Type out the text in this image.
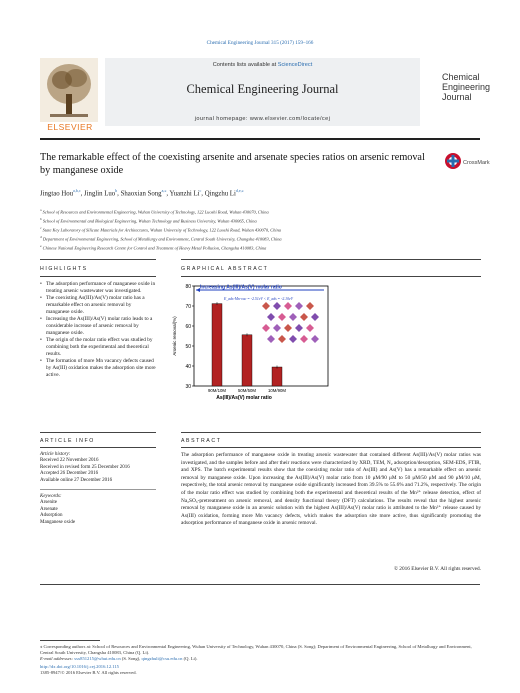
Chemical Engineering Journal 315 (2017) 159–166
ELSEVIER
Contents lists available at ScienceDirect
Chemical Engineering Journal
journal homepage: www.elsevier.com/locate/cej
Chemical Engineering Journal
The remarkable effect of the coexisting arsenite and arsenate species ratios on arsenic removal by manganese oxide
CrossMark
Jingtao Hou$^{a,b,c}$, Jinglin Luo$^b$, Shaoxian Song$^{a,⁎}$, Yuanzhi Li$^c$, Qingzhu $Li^{d,e,⁎}$
$^a$ School of Resources and Environmental Engineering, Wuhan University of Technology, 122 Luoshi Road, Wuhan 430070, China
$^b$ School of Environmental and Biological Engineering, Wuhan Technology and Business University, Wuhan 430065, China
$^c$ State Key Laboratory of Silicate Materials for Architectures, Wuhan University of Technology, 122 Luoshi Road, Wuhan 430070, China
$^d$ Department of Environmental Engineering, School of Metallurgy and Environment, Central South University, Changsha 410083, China
$^e$ Chinese National Engineering Research Centre for Control and Treatment of Heavy Metal Pollution, Changsha 410083, China
HIGHLIGHTS	GRAPHICAL ABSTRACT
• The adsorption performance of manganese oxide in treating arsenic wastewater was investigated.
• The coexisting As(III)/As(V) molar ratio has a remarkable effect on arsenic removal by manganese oxide.
• Increasing the As(III)/As(V) molar ratio leads to a considerable increase of arsenic removal by manganese oxide.
• The origin of the molar ratio effect was studied by combining both the experimental and theoretical results.
• The formation of more Mn vacancy defects caused by As(III) oxidation makes the adsorption site more active.
30
40
50
60
70
80
Arsenic removal(%)
90M/10M	50M/50M	10M/90M
As(III)/As(V) molar ratio
Increasing As(III)/As(V) molar ratio
E_ads-Mn-vac = -2.51eV < E_ads = -2.10eV
ARTICLE INFO	ABSTRACT
Article history:
Received 22 November 2016
Received in revised form 25 December 2016
Accepted 26 December 2016
Available online 27 December 2016
Keywords:
Arsenite
Arsenate
Adsorption
Manganese oxide
The adsorption performance of manganese oxide in treating arsenic wastewater that contained different As(III)/As(V) molar ratios was investigated, and the samples before and after their reactions were characterized by XRD, TEM, N₂ adsorption/desorption, SEM-EDS, FTIR, and XPS. The batch experimental results show that the coexisting molar ratio of As(III) and As(V) has a remarkable effect on arsenic removal by manganese oxide. Upon increasing the As(III)/As(V) molar ratio from 10 μM/90 μM to 50 μM/50 μM and 90 μM/10 μM, respectively, the total arsenic removal by manganese oxide significantly increased from 39.5% to 55.6% and 71.2%, respectively. The origin of the molar ratio effect was studied by combining both the experimental and theoretical results of the Mn²⁺ release detection, effect of Na₂SO₃-pretreatment on arsenic removal, and density functional theory (DFT) calculations. The results reveal that the highest arsenic removal by manganese oxide in an arsenic solution with the highest As(III)/As(V) molar ratio is attributed to the Mn²⁺ release caused by As(III) oxidation, forming more Mn vacancy defects, which makes the adsorption site more active, thus significantly promoting the adsorption performance of manganese oxide in arsenic removal.
© 2016 Elsevier B.V. All rights reserved.
⁎ Corresponding authors at: School of Resources and Environmental Engineering, Wuhan University of Technology, Wuhan 430070, China (S. Song); Department of Environmental Engineering, School of Metallurgy and Environment, Central South University, Changsha 410083, China (Q. Li).
E-mail addresses: ssx851215@whut.edu.cn (S. Song), qingzhuli@csu.edu.cn (Q. Li).
http://dx.doi.org/10.1016/j.cej.2016.12.115
1385-8947/© 2016 Elsevier B.V. All rights reserved.
